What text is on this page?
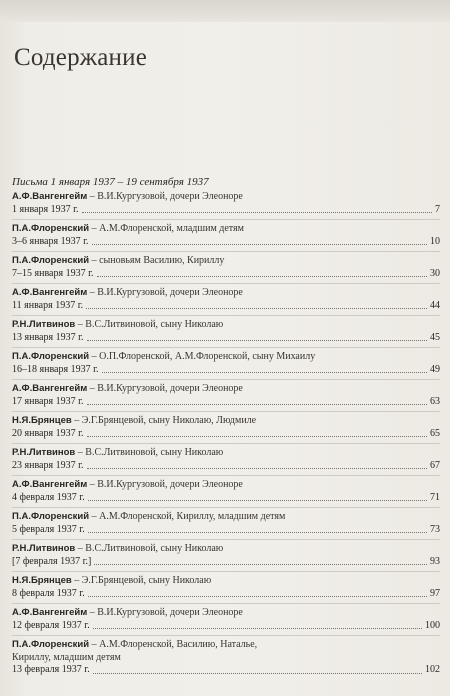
Содержание
Письма 1 января 1937 – 19 сентября 1937
А.Ф.Вангенгейм – В.И.Кургузовой, дочери Элеоноре
1 января 1937 г.	7
П.А.Флоренский – А.М.Флоренской, младшим детям
3–6 января 1937 г.	10
П.А.Флоренский – сыновьям Василию, Кириллу
7–15 января 1937 г.	30
А.Ф.Вангенгейм – В.И.Кургузовой, дочери Элеоноре
11 января 1937 г.	44
Р.Н.Литвинов – В.С.Литвиновой, сыну Николаю
13 января 1937 г.	45
П.А.Флоренский – О.П.Флоренской, А.М.Флоренской, сыну Михаилу
16–18 января 1937 г.	49
А.Ф.Вангенгейм – В.И.Кургузовой, дочери Элеоноре
17 января 1937 г.	63
Н.Я.Брянцев – Э.Г.Брянцевой, сыну Николаю, Людмиле
20 января 1937 г.	65
Р.Н.Литвинов – В.С.Литвиновой, сыну Николаю
23 января 1937 г.	67
А.Ф.Вангенгейм – В.И.Кургузовой, дочери Элеоноре
4 февраля 1937 г.	71
П.А.Флоренский – А.М.Флоренской, Кириллу, младшим детям
5 февраля 1937 г.	73
Р.Н.Литвинов – В.С.Литвиновой, сыну Николаю
[7 февраля 1937 г.]	93
Н.Я.Брянцев – Э.Г.Брянцевой, сыну Николаю
8 февраля 1937 г.	97
А.Ф.Вангенгейм – В.И.Кургузовой, дочери Элеоноре
12 февраля 1937 г.	100
П.А.Флоренский – А.М.Флоренской, Василию, Наталье,
Кириллу, младшим детям
13 февраля 1937 г.	102
